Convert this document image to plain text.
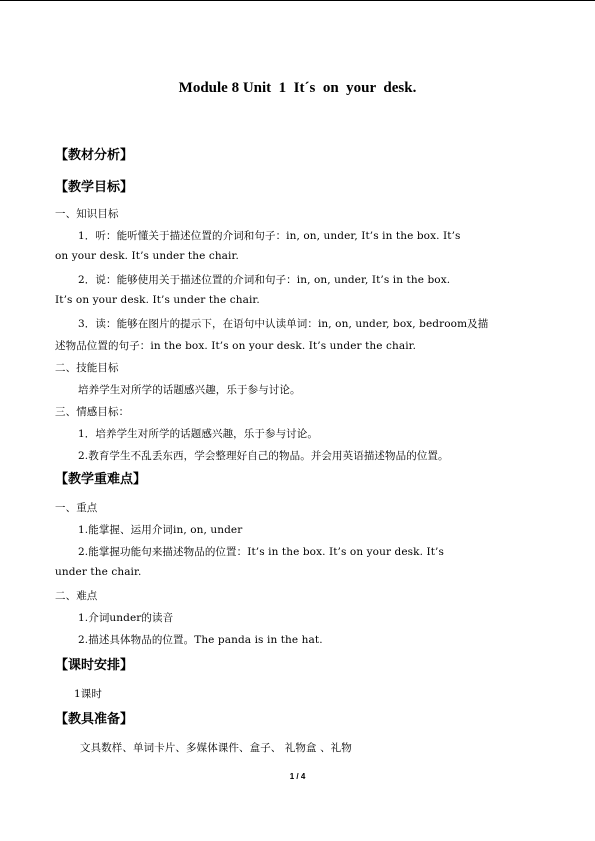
Module 8 Unit  1  It´s  on  your  desk.
【教材分析】
【教学目标】
一、知识目标
1．听：能听懂关于描述位置的介词和句子：in, on, under, It’s in the box. It’s
on your desk. It’s under the chair.
2．说：能够使用关于描述位置的介词和句子：in, on, under, It’s in the box.
It’s on your desk. It’s under the chair.
3．读：能够在图片的提示下，在语句中认读单词：in, on, under, box, bedroom及描
述物品位置的句子：in the box. It’s on your desk. It’s under the chair.
二、技能目标
培养学生对所学的话题感兴趣，乐于参与讨论。
三、情感目标：
1．培养学生对所学的话题感兴趣，乐于参与讨论。
2.教育学生不乱丢东西，学会整理好自己的物品。并会用英语描述物品的位置。
【教学重难点】
一、重点
1.能掌握、运用介词in, on, under
2.能掌握功能句来描述物品的位置：It’s in the box. It’s on your desk. It’s
under the chair.
二、难点
1.介词under的读音
2.描述具体物品的位置。The panda is in the hat.
【课时安排】
1课时
【教具准备】
文具数样、单词卡片、多媒体课件、盒子、 礼物盒 、礼物
1 / 4
